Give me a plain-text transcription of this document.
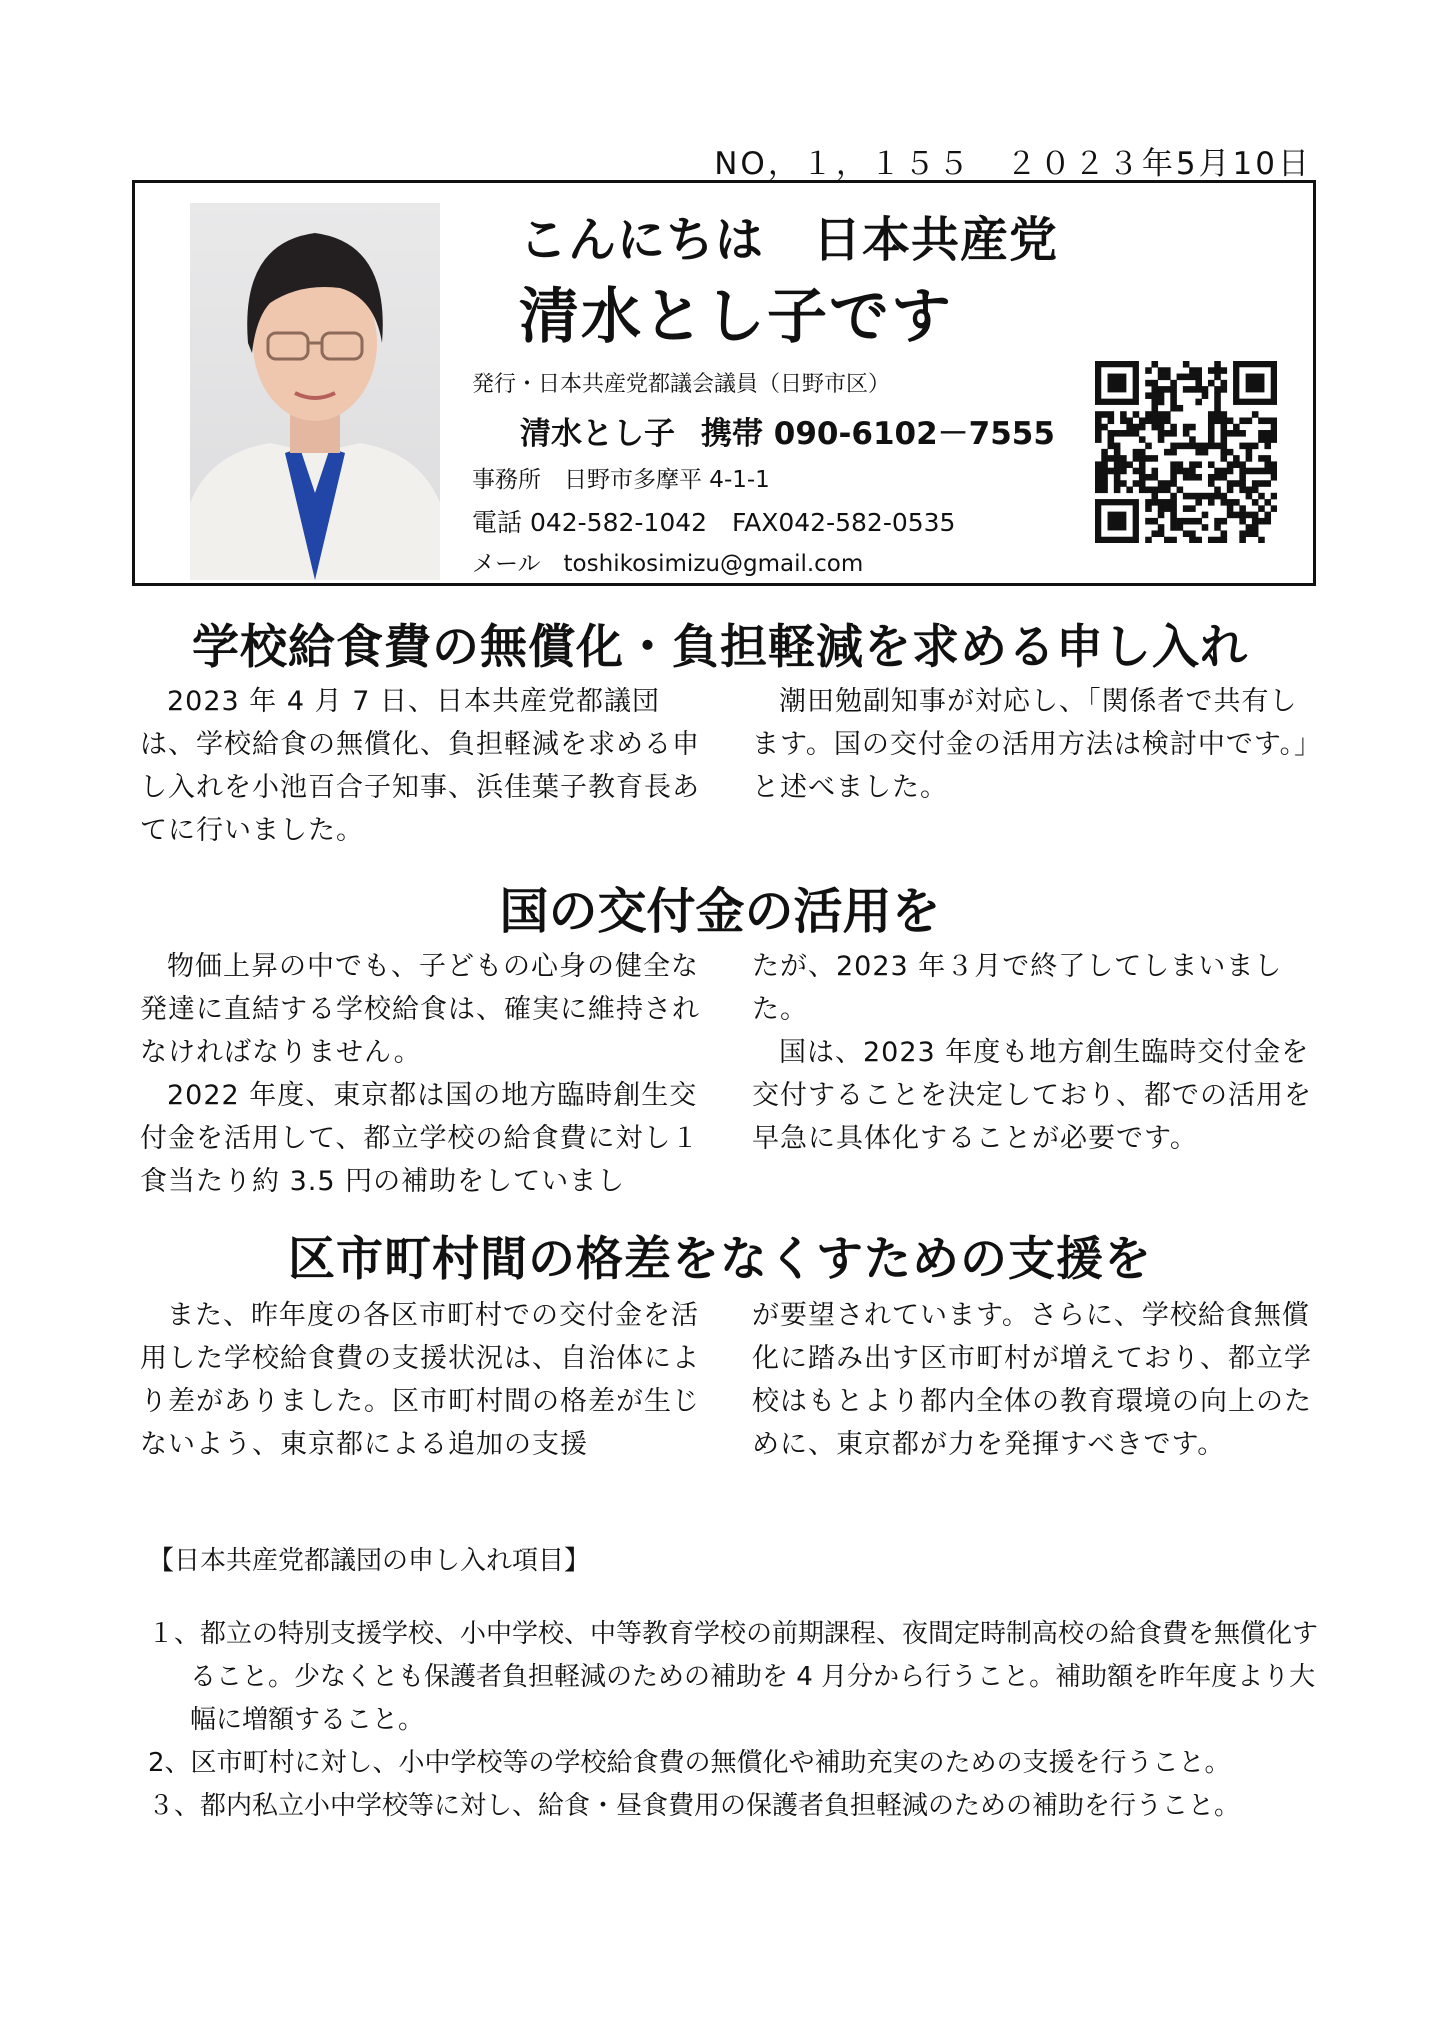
NO，１，１５５　２０２３年5月10日
こんにちは　日本共産党
清水とし子です
発行・日本共産党都議会議員（日野市区）
清水とし子 携帯 090-6102－7555
事務所　日野市多摩平 4-1-1
電話 042-582-1042　FAX042-582-0535
メール　toshikosimizu@gmail.com
学校給食費の無償化・負担軽減を求める申し入れ

2023 年 4 月 7 日、日本共産党都議団は、学校給食の無償化、負担軽減を求める申し入れを小池百合子知事、浜佳葉子教育長あてに行いました。

潮田勉副知事が対応し、「関係者で共有します。国の交付金の活用方法は検討中です。」と述べました。

国の交付金の活用を

物価上昇の中でも、子どもの心身の健全な発達に直結する学校給食は、確実に維持されなければなりません。

2022 年度、東京都は国の地方臨時創生交付金を活用して、都立学校の給食費に対し１食当たり約 3.5 円の補助をしていまし

たが、2023 年３月で終了してしまいました。

国は、2023 年度も地方創生臨時交付金を交付することを決定しており、都での活用を早急に具体化することが必要です。

区市町村間の格差をなくすための支援を

また、昨年度の各区市町村での交付金を活用した学校給食費の支援状況は、自治体により差がありました。区市町村間の格差が生じないよう、東京都による追加の支援

が要望されています。さらに、学校給食無償化に踏み出す区市町村が増えており、都立学校はもとより都内全体の教育環境の向上のために、東京都が力を発揮すべきです。

【日本共産党都議団の申し入れ項目】

１、都立の特別支援学校、小中学校、中等教育学校の前期課程、夜間定時制高校の給食費を無償化すること。少なくとも保護者負担軽減のための補助を 4 月分から行うこと。補助額を昨年度より大幅に増額すること。

2、区市町村に対し、小中学校等の学校給食費の無償化や補助充実のための支援を行うこと。

３、都内私立小中学校等に対し、給食・昼食費用の保護者負担軽減のための補助を行うこと。
